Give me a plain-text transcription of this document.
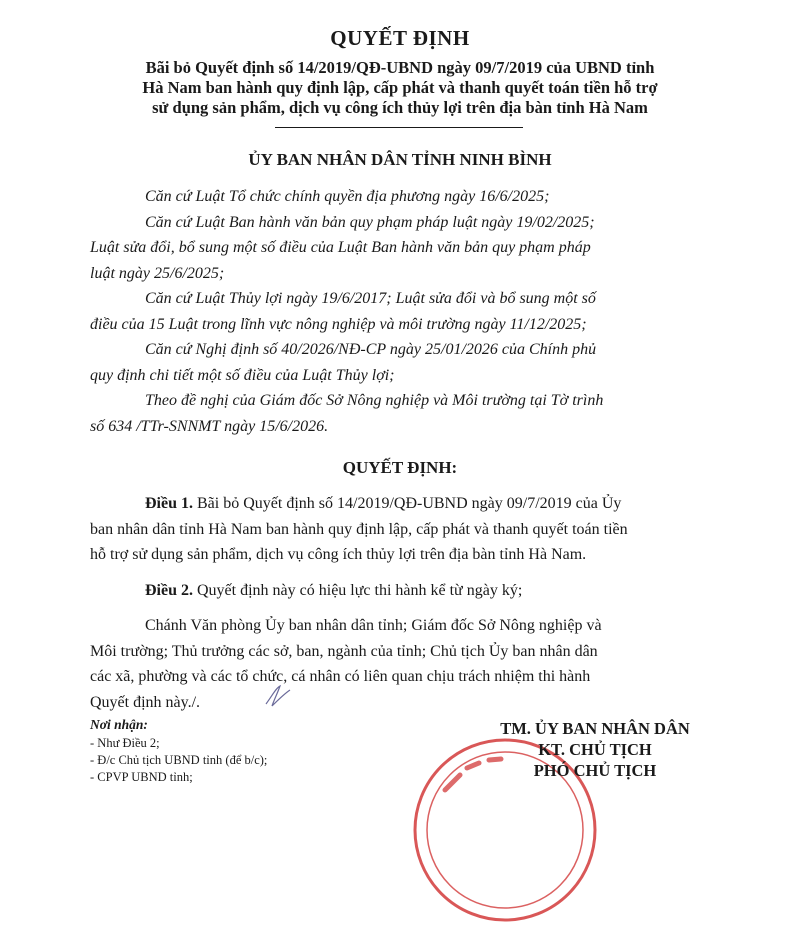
QUYẾT ĐỊNH
Bãi bỏ Quyết định số 14/2019/QĐ-UBND ngày 09/7/2019 của UBND tỉnh
Hà Nam ban hành quy định lập, cấp phát và thanh quyết toán tiền hỗ trợ
sử dụng sản phẩm, dịch vụ công ích thủy lợi trên địa bàn tỉnh Hà Nam
ỦY BAN NHÂN DÂN TỈNH NINH BÌNH

Căn cứ Luật Tổ chức chính quyền địa phương ngày 16/6/2025;

Căn cứ Luật Ban hành văn bản quy phạm pháp luật ngày 19/02/2025;
Luật sửa đổi, bổ sung một số điều của Luật Ban hành văn bản quy phạm pháp
luật ngày 25/6/2025;

Căn cứ Luật Thủy lợi ngày 19/6/2017; Luật sửa đổi và bổ sung một số
điều của 15 Luật trong lĩnh vực nông nghiệp và môi trường ngày 11/12/2025;

Căn cứ Nghị định số 40/2026/NĐ-CP ngày 25/01/2026 của Chính phủ
quy định chi tiết một số điều của Luật Thủy lợi;

Theo đề nghị của Giám đốc Sở Nông nghiệp và Môi trường tại Tờ trình
số 634 /TTr-SNNMT ngày 15/6/2026.

QUYẾT ĐỊNH:

Điều 1. Bãi bỏ Quyết định số 14/2019/QĐ-UBND ngày 09/7/2019 của Ủy
ban nhân dân tỉnh Hà Nam ban hành quy định lập, cấp phát và thanh quyết toán tiền
hỗ trợ sử dụng sản phẩm, dịch vụ công ích thủy lợi trên địa bàn tỉnh Hà Nam.

Điều 2. Quyết định này có hiệu lực thi hành kể từ ngày ký;

Chánh Văn phòng Ủy ban nhân dân tỉnh; Giám đốc Sở Nông nghiệp và
Môi trường; Thủ trưởng các sở, ban, ngành của tỉnh; Chủ tịch Ủy ban nhân dân
các xã, phường và các tổ chức, cá nhân có liên quan chịu trách nhiệm thi hành
Quyết định này./.

Nơi nhận:
- Như Điều 2;
- Đ/c Chủ tịch UBND tỉnh (để b/c);
- CPVP UBND tỉnh;
TM. ỦY BAN NHÂN DÂN
KT. CHỦ TỊCH
PHÓ CHỦ TỊCH
